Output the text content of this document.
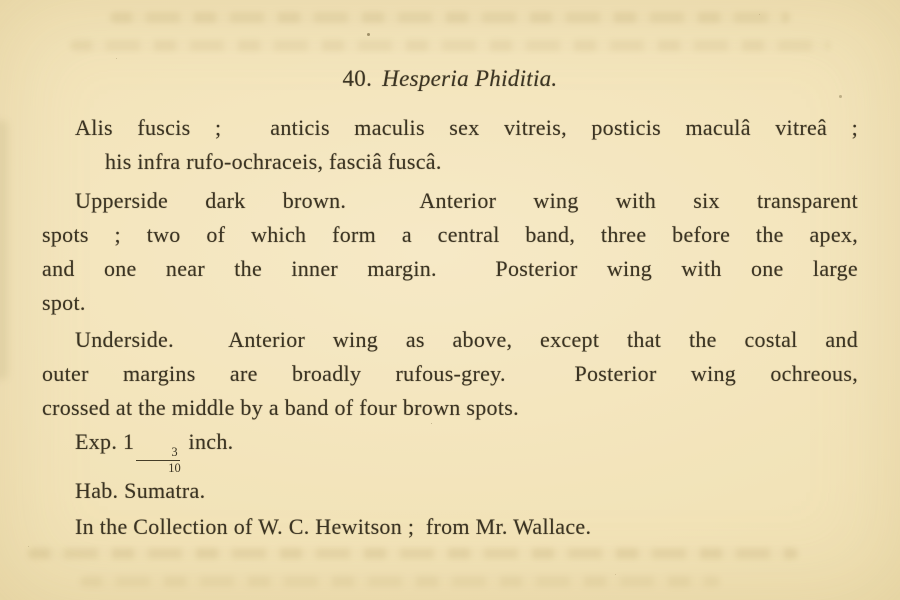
40. Hesperia Phiditia.
Alis fuscis ;  anticis maculis sex vitreis, posticis maculâ vitreâ ;
his infra rufo-ochraceis, fasciâ fuscâ.
Upperside dark brown.  Anterior wing with six transparent
spots ; two of which form a central band, three before the apex,
and one near the inner margin.  Posterior wing with one large
spot.
Underside.  Anterior wing as above, except that the costal and
outer margins are broadly rufous-grey.  Posterior wing ochreous,
crossed at the middle by a band of four brown spots.
Exp. 1
$\frac{3}{10}$
inch.
Hab. Sumatra.
In the Collection of W. C. Hewitson ;  from Mr. Wallace.
